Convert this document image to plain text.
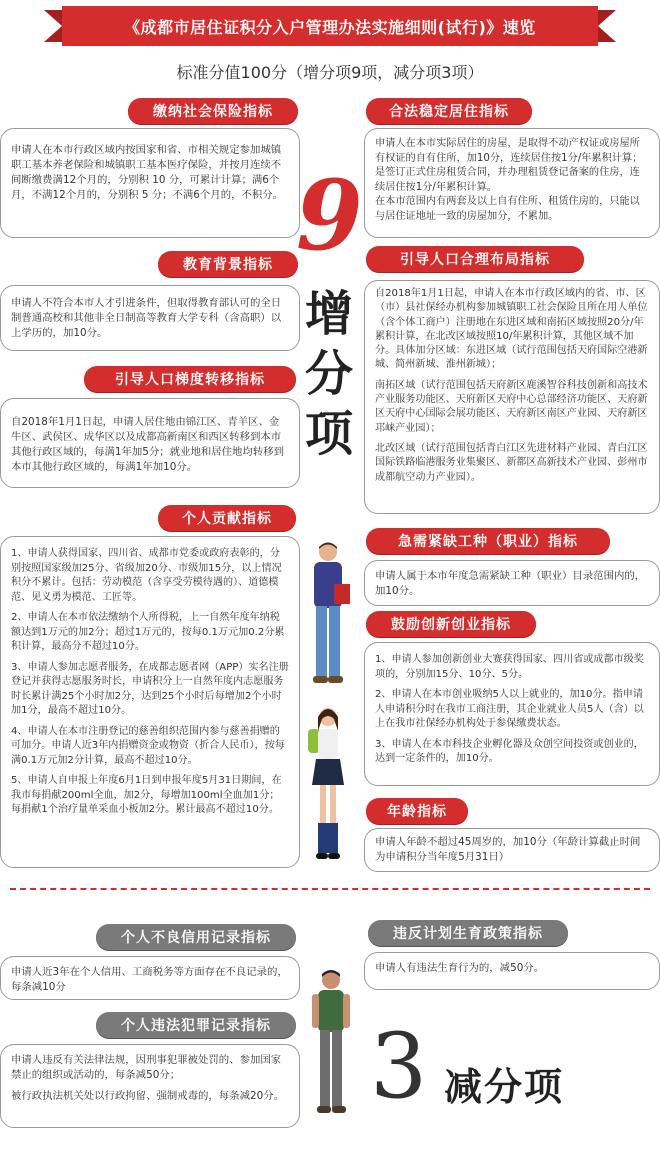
《成都市居住证积分入户管理办法实施细则(试行)》速览
标准分值100分（增分项9项，减分项3项）
缴纳社会保险指标

申请人在本市行政区域内按国家和省、市相关规定参加城镇职工基本养老保险和城镇职工基本医疗保险，并按月连续不间断缴费满12个月的，分别积 10 分，可累计计算；满6个月，不满12个月的，分别积 5 分；不满6个月的，不积分。

教育背景指标

申请人不符合本市人才引进条件，但取得教育部认可的全日制普通高校和其他非全日制高等教育大学专科（含高职）以上学历的，加10分。

引导人口梯度转移指标

自2018年1月1日起，申请人居住地由锦江区、青羊区、金牛区、武侯区、成华区以及成都高新南区和西区转移到本市其他行政区域的，每满1年加5分；就业地和居住地均转移到本市其他行政区域的，每满1年加10分。

个人贡献指标

1、申请人获得国家、四川省、成都市党委或政府表彰的，分别按照国家级加25分、省级加20分、市级加15分，以上情况积分不累计。包括：劳动模范（含享受劳模待遇的）、道德模范、见义勇为模范、工匠等。

2、申请人在本市依法缴纳个人所得税，上一自然年度年纳税额达到1万元的加2分；超过1万元的，按每0.1万元加0.2分累积计算，最高分不超过10分。

3、申请人参加志愿者服务，在成都志愿者网（APP）实名注册登记并获得志愿服务时长，申请积分上一自然年度内志愿服务时长累计满25个小时加2分，达到25个小时后每增加2个小时加1分，最高不超过10分。

4、申请人在本市注册登记的慈善组织范围内参与慈善捐赠的可加分。申请人近3年内捐赠资金或物资（折合人民币），按每满0.1万元加2分计算，最高不超过10分。

5、申请人自申报上年度6月1日到申报年度5月31日期间，在我市每捐献200ml全血，加2分，每增加100ml全血加1分；每捐献1个治疗量单采血小板加2分。累计最高不超过10分。

9
增
分
项
合法稳定居住指标

申请人在本市实际居住的房屋，是取得不动产权证或房屋所有权证的自有住所，加10分，连续居住按1分/年累积计算；

是签订正式住房租赁合同，并办理租赁登记备案的住房，连续居住按1分/年累积计算。

在本市范围内有两套及以上自有住所、租赁住房的，只能以与居住证地址一致的房屋加分，不累加。

引导人口合理布局指标

自2018年1月1日起，申请人在本市行政区域内的省、市、区（市）县社保经办机构参加城镇职工社会保险且所在用人单位（含个体工商户）注册地在东进区域和南拓区域按照20分/年累积计算，在北改区域按照10/年累积计算，其他区域不加分。具体加分区域：东进区域（试行范围包括天府国际空港新城、简州新城、淮州新城）；

南拓区域（试行范围包括天府新区鹿溪智谷科技创新和高技术产业服务功能区、天府新区天府中心总部经济功能区、天府新区天府中心国际会展功能区、天府新区南区产业园、天府新区邛崃产业园）；

北改区域（试行范围包括青白江区先进材料产业园、青白江区国际铁路临港服务业集聚区、新都区高新技术产业园、彭州市成都航空动力产业园）。

急需紧缺工种（职业）指标

申请人属于本市年度急需紧缺工种（职业）目录范围内的，加10分。

鼓励创新创业指标

1、申请人参加创新创业大赛获得国家、四川省或成都市级奖项的，分别加15分、10分、5分。

2、申请人在本市创业吸纳5人以上就业的，加10分。指申请人申请积分时在我市工商注册，其企业就业人员5人（含）以上在我市社保经办机构处于参保缴费状态。

3、申请人在本市科技企业孵化器及众创空间投资或创业的，达到一定条件的，加10分。

年龄指标

申请人年龄不超过45周岁的，加10分（年龄计算截止时间为申请积分当年度5月31日）

个人不良信用记录指标

申请人近3年在个人信用、工商税务等方面存在不良记录的，每条减10分

违反计划生育政策指标

申请人有违法生育行为的，减50分。

个人违法犯罪记录指标

申请人违反有关法律法规，因刑事犯罪被处罚的、参加国家禁止的组织或活动的，每条减50分；

被行政执法机关处以行政拘留、强制戒毒的，每条减20分。 3 减分项
